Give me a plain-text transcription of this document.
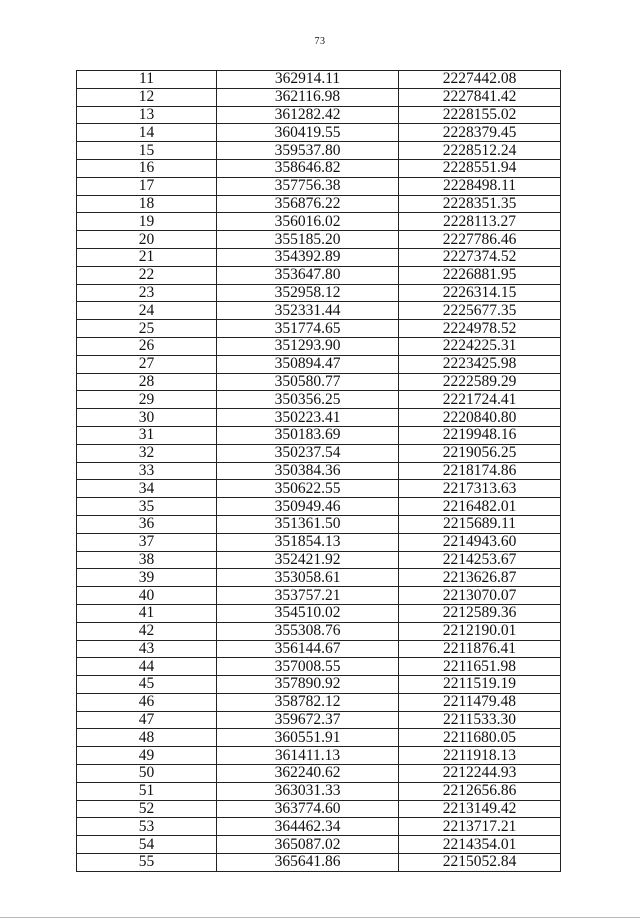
73
11	362914.11	2227442.08
12	362116.98	2227841.42
13	361282.42	2228155.02
14	360419.55	2228379.45
15	359537.80	2228512.24
16	358646.82	2228551.94
17	357756.38	2228498.11
18	356876.22	2228351.35
19	356016.02	2228113.27
20	355185.20	2227786.46
21	354392.89	2227374.52
22	353647.80	2226881.95
23	352958.12	2226314.15
24	352331.44	2225677.35
25	351774.65	2224978.52
26	351293.90	2224225.31
27	350894.47	2223425.98
28	350580.77	2222589.29
29	350356.25	2221724.41
30	350223.41	2220840.80
31	350183.69	2219948.16
32	350237.54	2219056.25
33	350384.36	2218174.86
34	350622.55	2217313.63
35	350949.46	2216482.01
36	351361.50	2215689.11
37	351854.13	2214943.60
38	352421.92	2214253.67
39	353058.61	2213626.87
40	353757.21	2213070.07
41	354510.02	2212589.36
42	355308.76	2212190.01
43	356144.67	2211876.41
44	357008.55	2211651.98
45	357890.92	2211519.19
46	358782.12	2211479.48
47	359672.37	2211533.30
48	360551.91	2211680.05
49	361411.13	2211918.13
50	362240.62	2212244.93
51	363031.33	2212656.86
52	363774.60	2213149.42
53	364462.34	2213717.21
54	365087.02	2214354.01
55	365641.86	2215052.84
